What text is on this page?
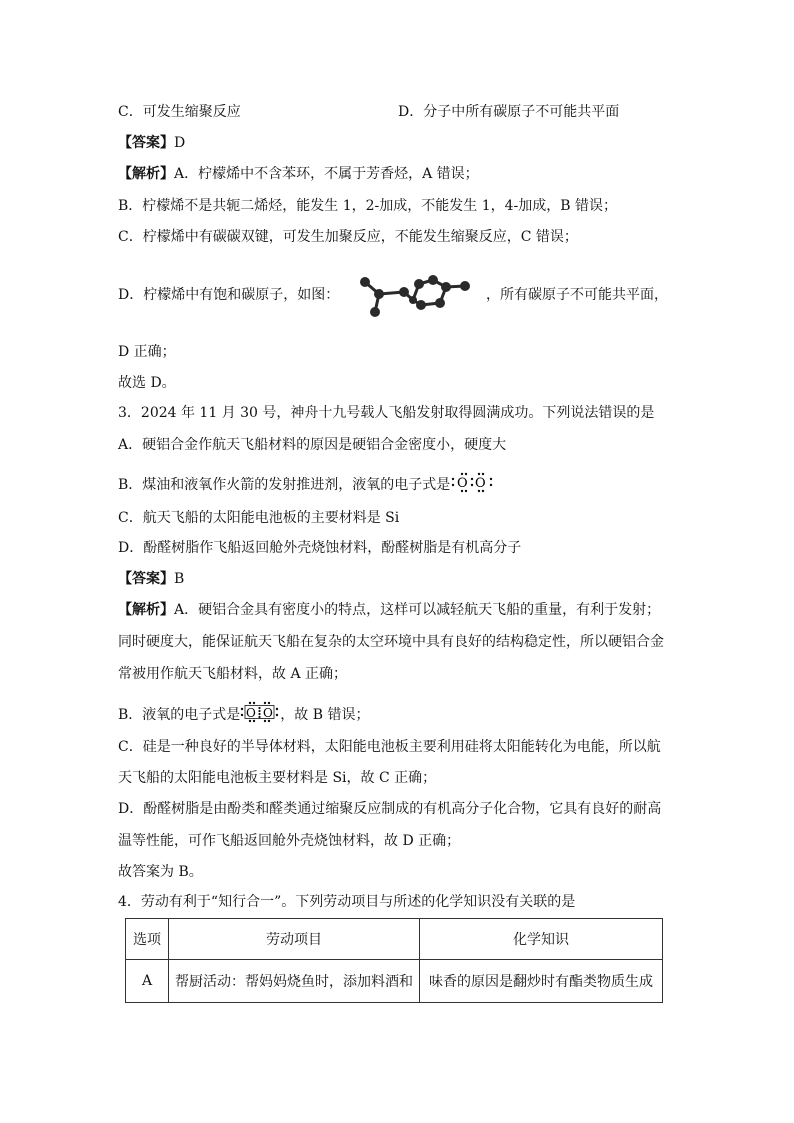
C．可发生缩聚反应	D．分子中所有碳原子不可能共平面
【答案】D
【解析】A．柠檬烯中不含苯环，不属于芳香烃，A 错误；
B．柠檬烯不是共轭二烯烃，能发生 1，2-加成，不能发生 1，4-加成，B 错误；
C．柠檬烯中有碳碳双键，可发生加聚反应，不能发生缩聚反应，C 错误；
D．柠檬烯中有饱和碳原子，如图：	，所有碳原子不可能共平面，
D 正确；
故选 D。
3．2024 年 11 月 30 号，神舟十九号载人飞船发射取得圆满成功。下列说法错误的是
A．硬铝合金作航天飞船材料的原因是硬铝合金密度小，硬度大
B．煤油和液氧作火箭的发射推进剂，液氧的电子式是 O O
C．航天飞船的太阳能电池板的主要材料是 Si
D．酚醛树脂作飞船返回舱外壳烧蚀材料，酚醛树脂是有机高分子
【答案】B
【解析】A．硬铝合金具有密度小的特点，这样可以减轻航天飞船的重量，有利于发射；
同时硬度大，能保证航天飞船在复杂的太空环境中具有良好的结构稳定性，所以硬铝合金
常被用作航天飞船材料，故 A 正确；
B．液氧的电子式是 O O ，故 B 错误；
C．硅是一种良好的半导体材料，太阳能电池板主要利用硅将太阳能转化为电能，所以航
天飞船的太阳能电池板主要材料是 Si，故 C 正确；
D．酚醛树脂是由酚类和醛类通过缩聚反应制成的有机高分子化合物，它具有良好的耐高
温等性能，可作飞船返回舱外壳烧蚀材料，故 D 正确；
故答案为 B。
4．劳动有利于“知行合一”。下列劳动项目与所述的化学知识没有关联的是
选项	劳动项目	化学知识
A	帮厨活动：帮妈妈烧鱼时，添加料酒和	味香的原因是翻炒时有酯类物质生成
